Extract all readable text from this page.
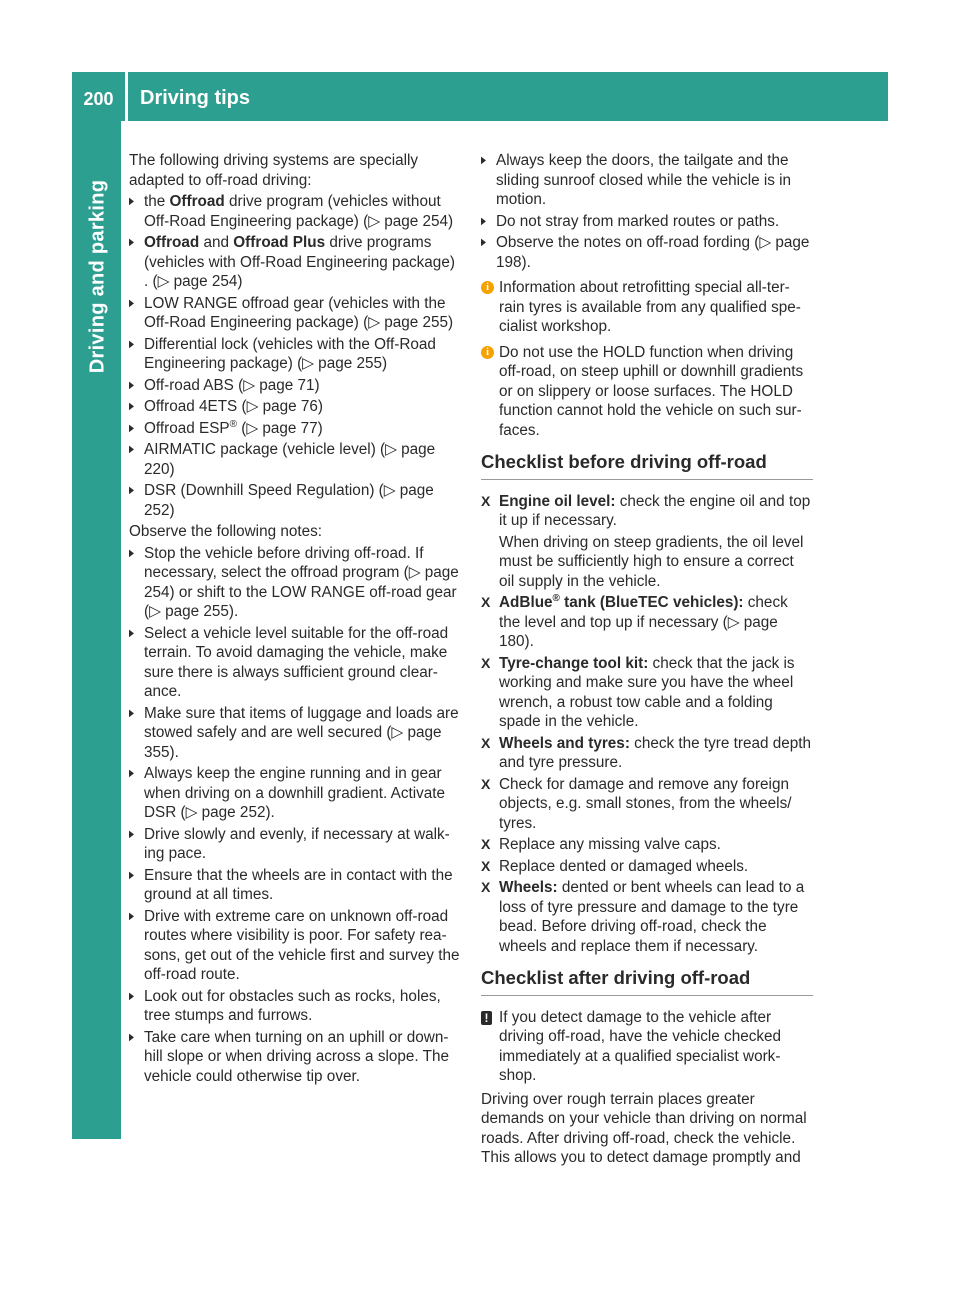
Driving and parking
200	Driving tips

The following driving systems are specially adapted to off-road driving:

▶ the Offroad drive program (vehicles without Off-Road Engineering package) (▷ page 254)
▶ Offroad and Offroad Plus drive programs (vehicles with Off-Road Engineering package) . (▷ page 254)
▶ LOW RANGE offroad gear (vehicles with the Off-Road Engineering package) (▷ page 255)
▶ Differential lock (vehicles with the Off-Road Engineering package) (▷ page 255)
▶ Off-road ABS (▷ page 71)
▶ Offroad 4ETS (▷ page 76)
▶ Offroad ESP® (▷ page 77)
▶ AIRMATIC package (vehicle level) (▷ page 220)
▶ DSR (Downhill Speed Regulation) (▷ page 252)

Observe the following notes:

▶ Stop the vehicle before driving off-road. If necessary, select the offroad program (▷ page 254) or shift to the LOW RANGE off-road gear (▷ page 255).
▶ Select a vehicle level suitable for the off-road terrain. To avoid damaging the vehicle, make sure there is always sufficient ground clear-ance.
▶ Make sure that items of luggage and loads are stowed safely and are well secured (▷ page 355).
▶ Always keep the engine running and in gear when driving on a downhill gradient. Activate DSR (▷ page 252).
▶ Drive slowly and evenly, if necessary at walk-ing pace.
▶ Ensure that the wheels are in contact with the ground at all times.
▶ Drive with extreme care on unknown off-road routes where visibility is poor. For safety rea-sons, get out of the vehicle first and survey the off-road route.
▶ Look out for obstacles such as rocks, holes, tree stumps and furrows.
▶ Take care when turning on an uphill or down-hill slope or when driving across a slope. The vehicle could otherwise tip over.
▶ Always keep the doors, the tailgate and the sliding sunroof closed while the vehicle is in motion.
▶ Do not stray from marked routes or paths.
▶ Observe the notes on off-road fording (▷ page 198).
i Information about retrofitting special all-ter-rain tyres is available from any qualified spe-cialist workshop.
i Do not use the HOLD function when driving off-road, on steep uphill or downhill gradients or on slippery or loose surfaces. The HOLD function cannot hold the vehicle on such sur-faces.
Checklist before driving off-road
X Engine oil level: check the engine oil and top it up if necessary.

When driving on steep gradients, the oil level must be sufficiently high to ensure a correct oil supply in the vehicle.

X AdBlue® tank (BlueTEC vehicles): check the level and top up if necessary (▷ page 180).
X Tyre-change tool kit: check that the jack is working and make sure you have the wheel wrench, a robust tow cable and a folding spade in the vehicle.
X Wheels and tyres: check the tyre tread depth and tyre pressure.
X Check for damage and remove any foreign objects, e.g. small stones, from the wheels/ tyres.
X Replace any missing valve caps.
X Replace dented or damaged wheels.
X Wheels: dented or bent wheels can lead to a loss of tyre pressure and damage to the tyre bead. Before driving off-road, check the wheels and replace them if necessary.
Checklist after driving off-road
! If you detect damage to the vehicle after driving off-road, have the vehicle checked immediately at a qualified specialist work-shop.

Driving over rough terrain places greater demands on your vehicle than driving on normal roads. After driving off-road, check the vehicle. This allows you to detect damage promptly and
